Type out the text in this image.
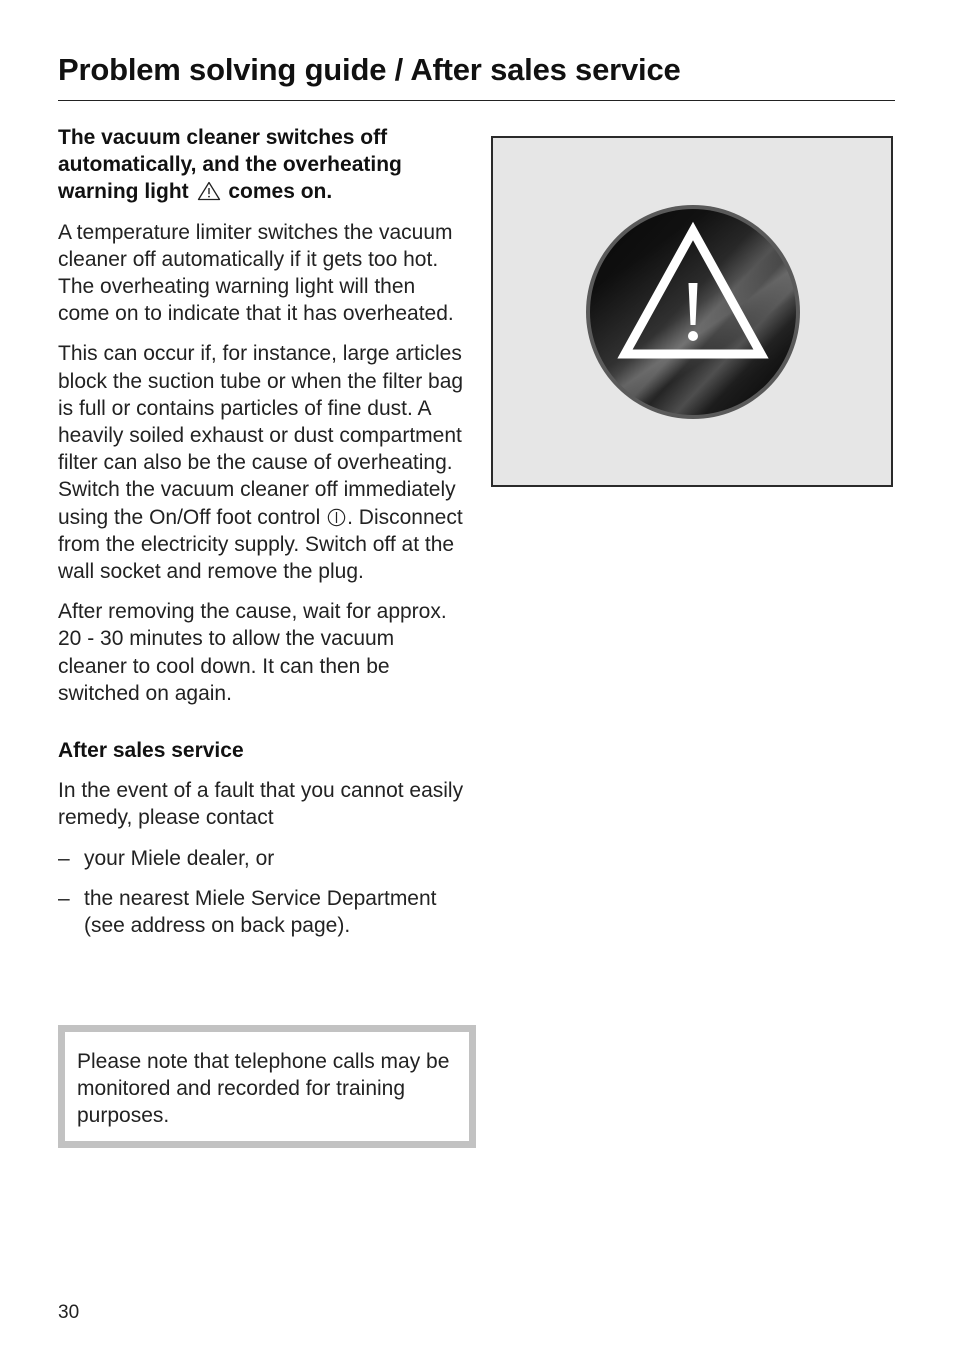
Problem solving guide / After sales service

The vacuum cleaner switches off automatically, and the overheating warning light comes on.

A temperature limiter switches the vacuum cleaner off automatically if it gets too hot. The overheating warning light will then come on to indicate that it has overheated.

This can occur if, for instance, large articles block the suction tube or when the filter bag is full or contains particles of fine dust. A heavily soiled exhaust or dust compartment filter can also be the cause of overheating. Switch the vacuum cleaner off immediately using the On/Off foot control . Disconnect from the electricity supply. Switch off at the wall socket and remove the plug.

After removing the cause, wait for approx. 20 - 30 minutes to allow the vacuum cleaner to cool down. It can then be switched on again.

After sales service

In the event of a fault that you cannot easily remedy, please contact

– your Miele dealer, or
– the nearest Miele Service Department (see address on back page).
Please note that telephone calls may be monitored and recorded for training purposes.
30
